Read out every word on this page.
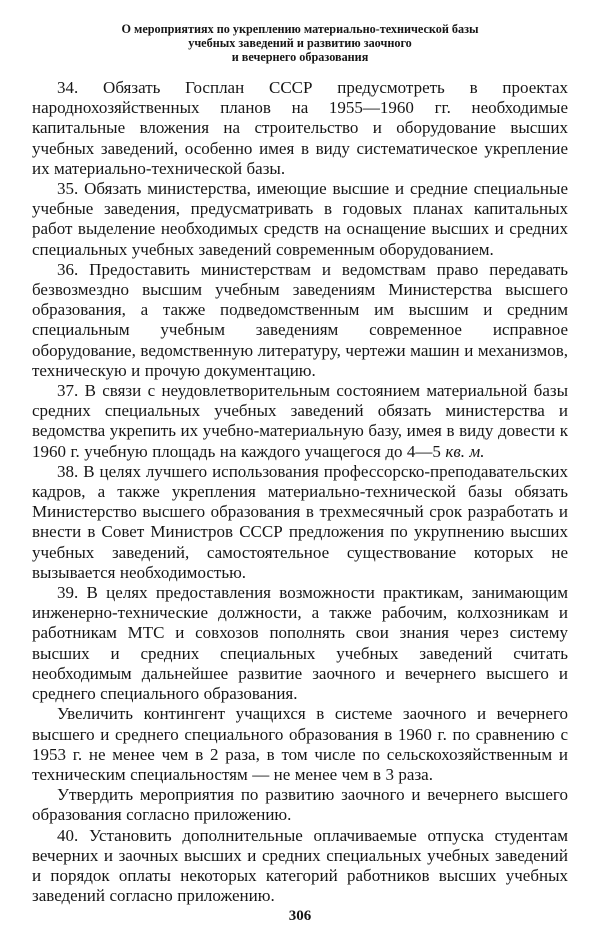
О мероприятиях по укреплению материально-технической базы
учебных заведений и развитию заочного
и вечернего образования

34. Обязать Госплан СССР предусмотреть в проектах народнохозяйственных планов на 1955—1960 гг. необходимые капитальные вложения на строительство и оборудование высших учебных заведений, особенно имея в виду систематическое укрепление их материально-технической базы.

35. Обязать министерства, имеющие высшие и средние специальные учебные заведения, предусматривать в годовых планах капитальных работ выделение необходимых средств на оснащение высших и средних специальных учебных заведений современным оборудованием.

36. Предоставить министерствам и ведомствам право передавать безвозмездно высшим учебным заведениям Министерства высшего образования, а также подведомственным им высшим и средним специальным учебным заведениям современное исправное оборудование, ведомственную литературу, чертежи машин и механизмов, техническую и прочую документацию.

37. В связи с неудовлетворительным состоянием материальной базы средних специальных учебных заведений обязать министерства и ведомства укрепить их учебно-материальную базу, имея в виду довести к 1960 г. учебную площадь на каждого учащегося до 4—5 кв. м.

38. В целях лучшего использования профессорско-преподавательских кадров, а также укрепления материально-технической базы обязать Министерство высшего образования в трехмесячный срок разработать и внести в Совет Министров СССР предложения по укрупнению высших учебных заведений, самостоятельное существование которых не вызывается необходимостью.

39. В целях предоставления возможности практикам, занимающим инженерно-технические должности, а также рабочим, колхозникам и работникам МТС и совхозов пополнять свои знания через систему высших и средних специальных учебных заведений считать необходимым дальнейшее развитие заочного и вечернего высшего и среднего специального образования.

Увеличить контингент учащихся в системе заочного и вечернего высшего и среднего специального образования в 1960 г. по сравнению с 1953 г. не менее чем в 2 раза, в том числе по сельскохозяйственным и техническим специальностям — не менее чем в 3 раза.

Утвердить мероприятия по развитию заочного и вечернего высшего образования согласно приложению.

40. Установить дополнительные оплачиваемые отпуска студентам вечерних и заочных высших и средних специальных учебных заведений и порядок оплаты некоторых категорий работников высших учебных заведений согласно приложению.

306
